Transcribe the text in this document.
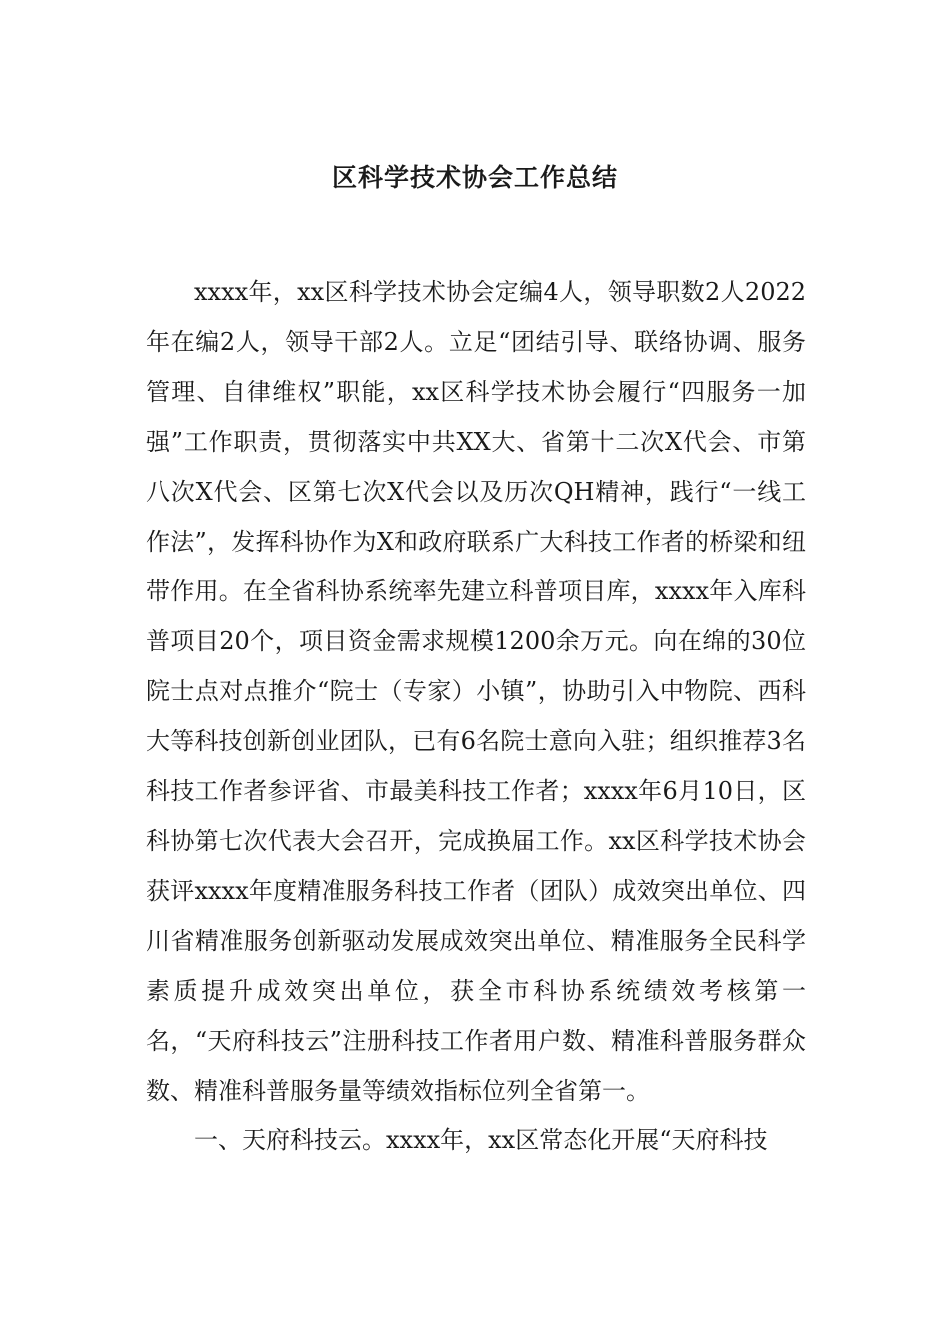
区科学技术协会工作总结

xxxx年，xx区科学技术协会定编4人，领导职数2人2022年在编2人，领导干部2人。立足“团结引导、联络协调、服务管理、自律维权”职能，xx区科学技术协会履行“四服务一加强”工作职责，贯彻落实中共XX大、省第十二次X代会、市第八次X代会、区第七次X代会以及历次QH精神，践行“一线工作法”，发挥科协作为X和政府联系广大科技工作者的桥梁和纽带作用。在全省科协系统率先建立科普项目库，xxxx年入库科普项目20个，项目资金需求规模1200余万元。向在绵的30位院士点对点推介“院士（专家）小镇”，协助引入中物院、西科大等科技创新创业团队，已有6名院士意向入驻；组织推荐3名科技工作者参评省、市最美科技工作者；xxxx年6月10日，区科协第七次代表大会召开，完成换届工作。xx区科学技术协会获评xxxx年度精准服务科技工作者（团队）成效突出单位、四川省精准服务创新驱动发展成效突出单位、精准服务全民科学素质提升成效突出单位，获全市科协系统绩效考核第一名，“天府科技云”注册科技工作者用户数、精准科普服务群众数、精准科普服务量等绩效指标位列全省第一。

一、天府科技云。xxxx年，xx区常态化开展“天府科技
